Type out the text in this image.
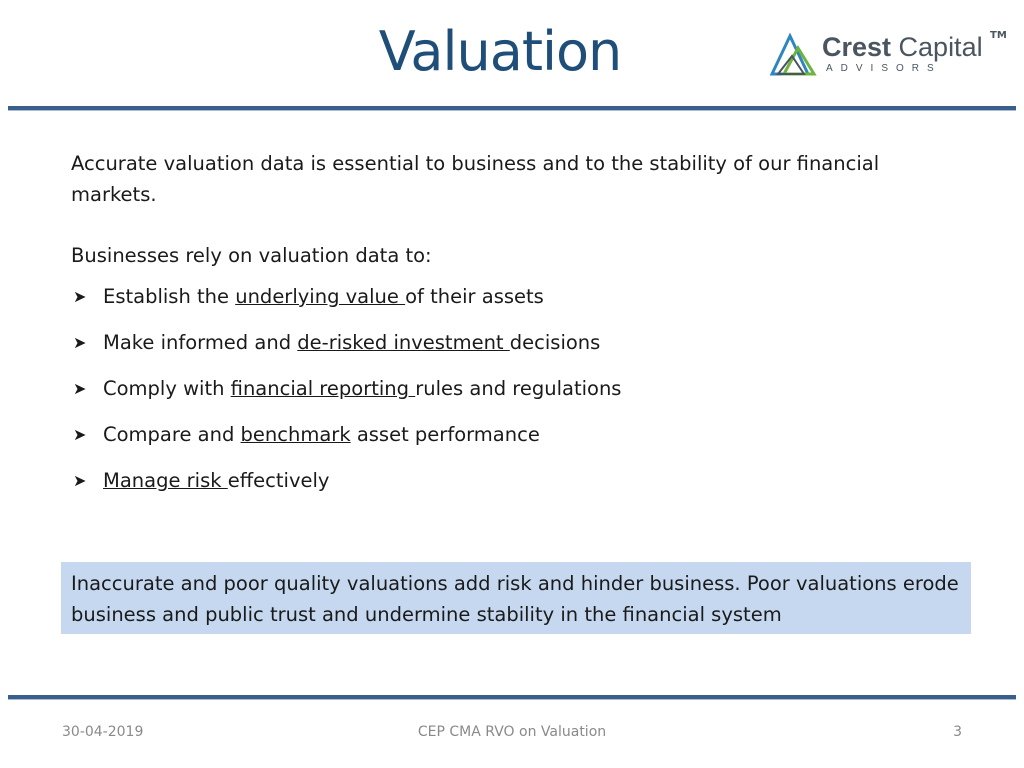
Valuation	Crest Capital TM
ADVISORS

Accurate valuation data is essential to business and to the stability of our financial markets.

Businesses rely on valuation data to:

➤ Establish the underlying value of their assets
➤ Make informed and de-risked investment decisions
➤ Comply with financial reporting rules and regulations
➤ Compare and benchmark asset performance
➤ Manage risk effectively
Inaccurate and poor quality valuations add risk and hinder business. Poor valuations erode business and public trust and undermine stability in the financial system
30-04-2019	CEP CMA RVO on Valuation	3
